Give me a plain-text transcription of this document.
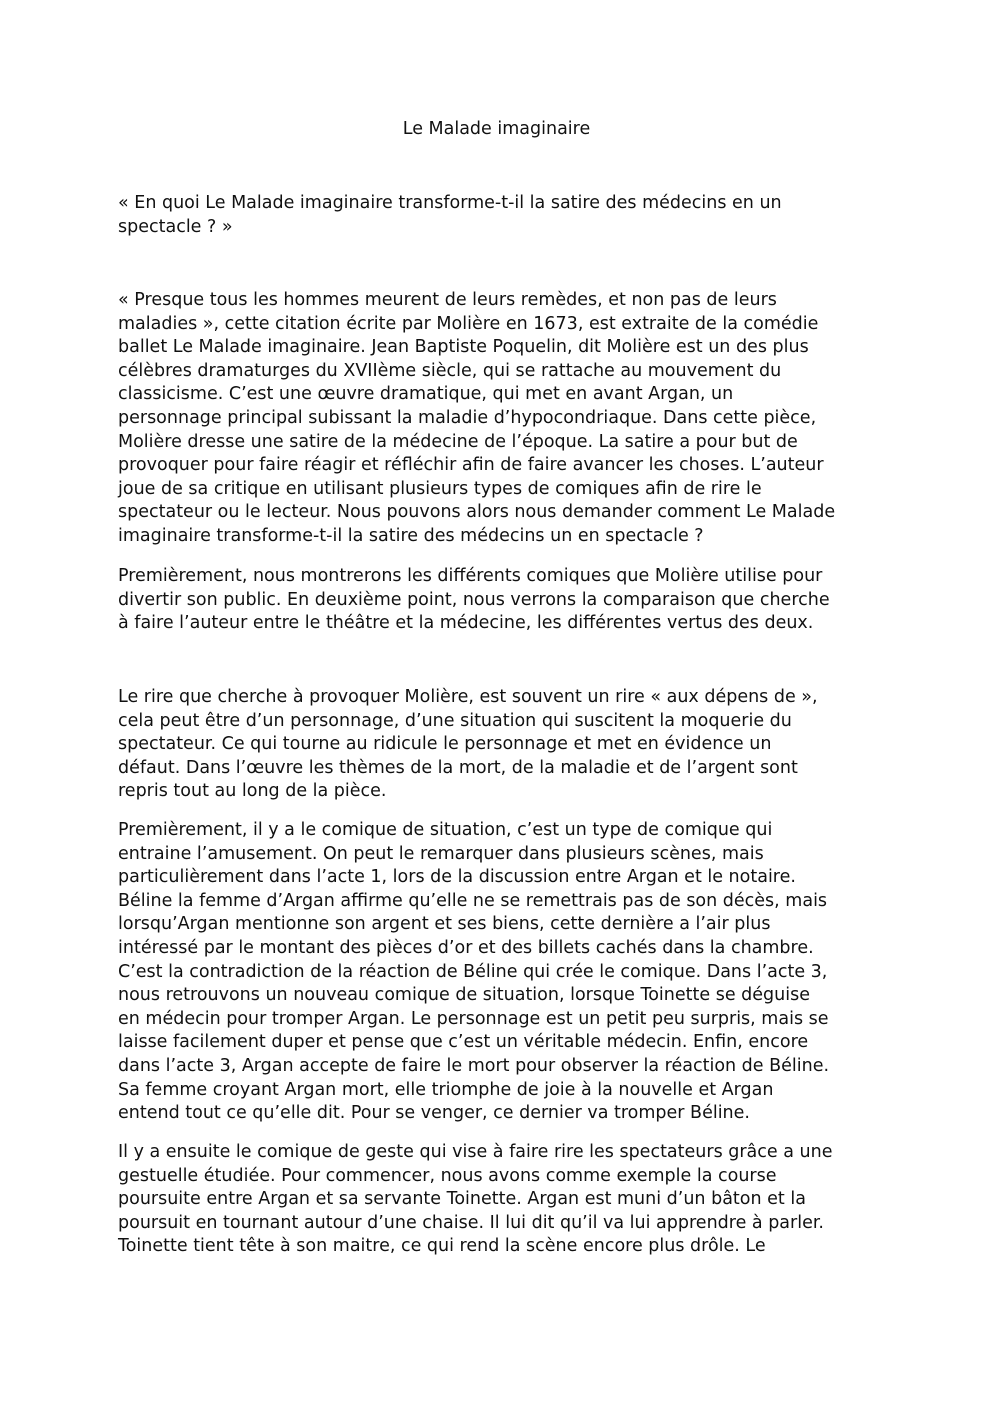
Le Malade imaginaire

« En quoi Le Malade imaginaire transforme-t-il la satire des médecins en un
spectacle ? »

« Presque tous les hommes meurent de leurs remèdes, et non pas de leurs
maladies », cette citation écrite par Molière en 1673, est extraite de la comédie
ballet Le Malade imaginaire. Jean Baptiste Poquelin, dit Molière est un des plus
célèbres dramaturges du XVIIème siècle, qui se rattache au mouvement du
classicisme. C’est une œuvre dramatique, qui met en avant Argan, un
personnage principal subissant la maladie d’hypocondriaque. Dans cette pièce,
Molière dresse une satire de la médecine de l’époque. La satire a pour but de
provoquer pour faire réagir et réfléchir afin de faire avancer les choses. L’auteur
joue de sa critique en utilisant plusieurs types de comiques afin de rire le
spectateur ou le lecteur. Nous pouvons alors nous demander comment Le Malade
imaginaire transforme-t-il la satire des médecins un en spectacle ?

Premièrement, nous montrerons les différents comiques que Molière utilise pour
divertir son public. En deuxième point, nous verrons la comparaison que cherche
à faire l’auteur entre le théâtre et la médecine, les différentes vertus des deux.

Le rire que cherche à provoquer Molière, est souvent un rire « aux dépens de »,
cela peut être d’un personnage, d’une situation qui suscitent la moquerie du
spectateur. Ce qui tourne au ridicule le personnage et met en évidence un
défaut. Dans l’œuvre les thèmes de la mort, de la maladie et de l’argent sont
repris tout au long de la pièce.

Premièrement, il y a le comique de situation, c’est un type de comique qui
entraine l’amusement. On peut le remarquer dans plusieurs scènes, mais
particulièrement dans l’acte 1, lors de la discussion entre Argan et le notaire.
Béline la femme d’Argan affirme qu’elle ne se remettrais pas de son décès, mais
lorsqu’Argan mentionne son argent et ses biens, cette dernière a l’air plus
intéressé par le montant des pièces d’or et des billets cachés dans la chambre.
C’est la contradiction de la réaction de Béline qui crée le comique. Dans l’acte 3,
nous retrouvons un nouveau comique de situation, lorsque Toinette se déguise
en médecin pour tromper Argan. Le personnage est un petit peu surpris, mais se
laisse facilement duper et pense que c’est un véritable médecin. Enfin, encore
dans l’acte 3, Argan accepte de faire le mort pour observer la réaction de Béline.
Sa femme croyant Argan mort, elle triomphe de joie à la nouvelle et Argan
entend tout ce qu’elle dit. Pour se venger, ce dernier va tromper Béline.

Il y a ensuite le comique de geste qui vise à faire rire les spectateurs grâce a une
gestuelle étudiée. Pour commencer, nous avons comme exemple la course
poursuite entre Argan et sa servante Toinette. Argan est muni d’un bâton et la
poursuit en tournant autour d’une chaise. Il lui dit qu’il va lui apprendre à parler.
Toinette tient tête à son maitre, ce qui rend la scène encore plus drôle. Le
